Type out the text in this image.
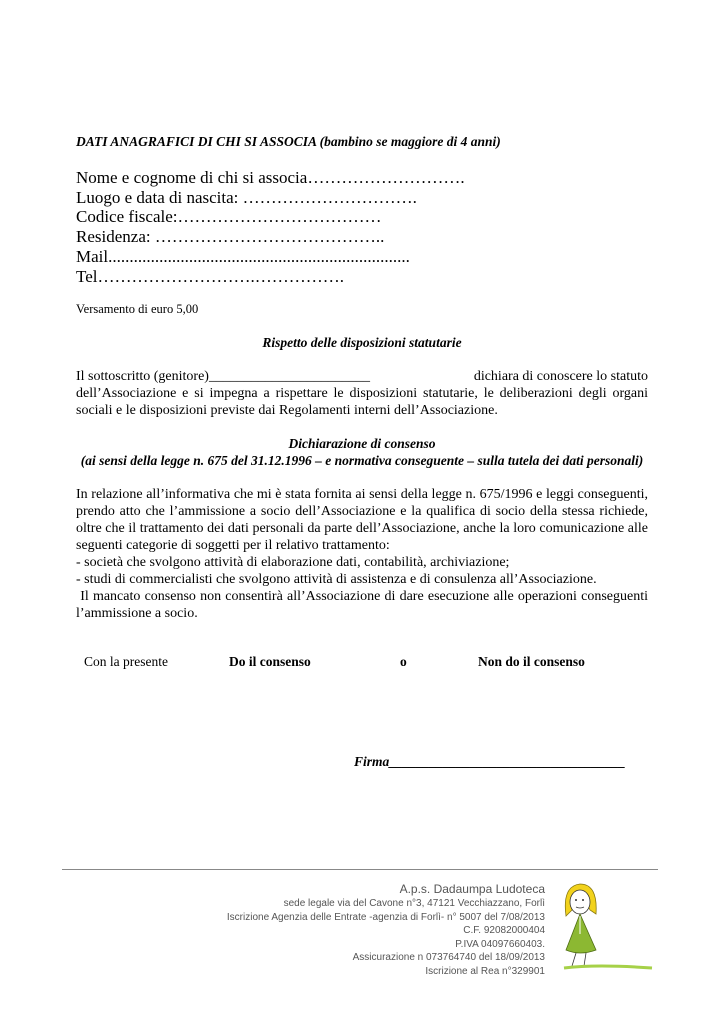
DATI ANAGRAFICI DI CHI SI ASSOCIA (bambino se maggiore di 4 anni)
Nome e cognome di chi si associa……………………….
Luogo e data di nascita: ………………………….
Codice fiscale:………………………………
Residenza: …………………………………..
Mail.......................................................................
Tel……………………….…………….
Versamento di euro 5,00
Rispetto delle disposizioni statutarie
Il sottoscritto (genitore)_______________________	dichiara di conoscere lo statuto
dell’Associazione e si impegna a rispettare le disposizioni statutarie, le deliberazioni degli organi sociali e le disposizioni previste dai Regolamenti interni dell’Associazione.
Dichiarazione di consenso
(ai sensi della legge n. 675 del 31.12.1996 – e normativa conseguente – sulla tutela dei dati personali)
In relazione all’informativa che mi è stata fornita ai sensi della legge n. 675/1996 e leggi conseguenti, prendo atto che l’ammissione a socio dell’Associazione e la qualifica di socio della stessa richiede, oltre che il trattamento dei dati personali da parte dell’Associazione, anche la loro comunicazione alle seguenti categorie di soggetti per il relativo trattamento:
- società che svolgono attività di elaborazione dati, contabilità, archiviazione;
- studi di commercialisti che svolgono attività di assistenza e di consulenza all’Associazione.
Il mancato consenso non consentirà all’Associazione di dare esecuzione alle operazioni conseguenti l’ammissione a socio.
Con la presente	Do il consenso	o	Non do il consenso
Firma___________________________________
A.p.s. Dadaumpa Ludoteca
sede legale via del Cavone n°3, 47121 Vecchiazzano, Forlì
Iscrizione Agenzia delle Entrate -agenzia di Forlì- n° 5007 del 7/08/2013
C.F. 92082000404
P.IVA 04097660403.
Assicurazione n 073764740 del 18/09/2013
Iscrizione al Rea n°329901
